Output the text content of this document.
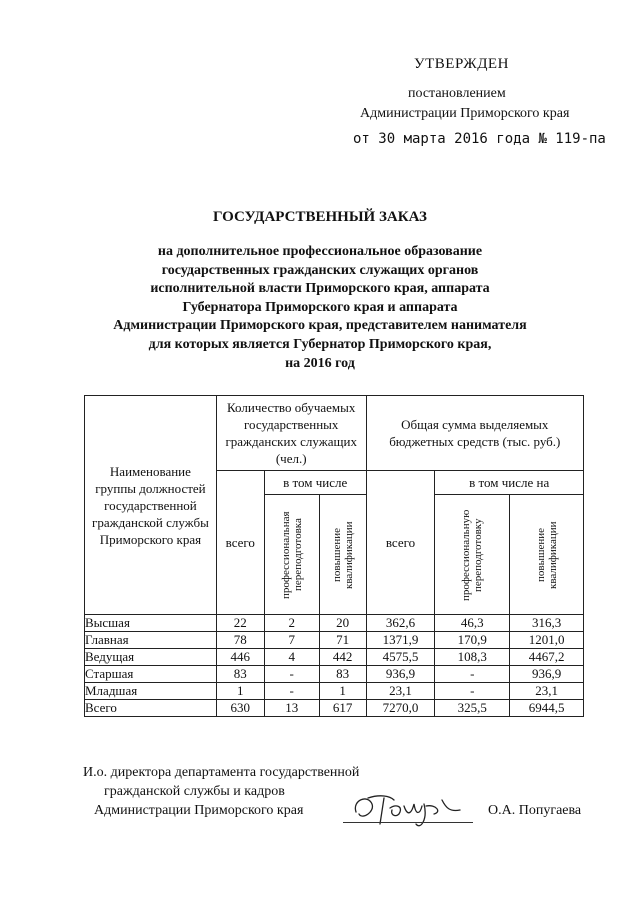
УТВЕРЖДЕН
постановлением
Администрации Приморского края
от 30 марта 2016 года № 119-па
ГОСУДАРСТВЕННЫЙ ЗАКАЗ
на дополнительное профессиональное образование
государственных гражданских служащих органов
исполнительной власти Приморского края, аппарата
Губернатора Приморского края и аппарата
Администрации Приморского края, представителем нанимателя
для которых является Губернатор Приморского края,
на 2016 год
Наименование группы должностей государственной гражданской службы Приморского края	Количество обучаемых государственных гражданских служащих (чел.)			Общая сумма выделяемых бюджетных средств (тыс. руб.)		

	всего	в том числе		всего	в том числе на	

		профессиональная переподготовка	повышение квалификации		профессиональную переподготовку	повышение квалификации

Высшая	22	2	20	362,6	46,3	316,3
Главная	78	7	71	1371,9	170,9	1201,0
Ведущая	446	4	442	4575,5	108,3	4467,2
Старшая	83	-	83	936,9	-	936,9
Младшая	1	-	1	23,1	-	23,1
Всего	630	13	617	7270,0	325,5	6944,5
И.о. директора департамента государственной
гражданской службы и кадров
Администрации Приморского края	О.А. Попугаева
